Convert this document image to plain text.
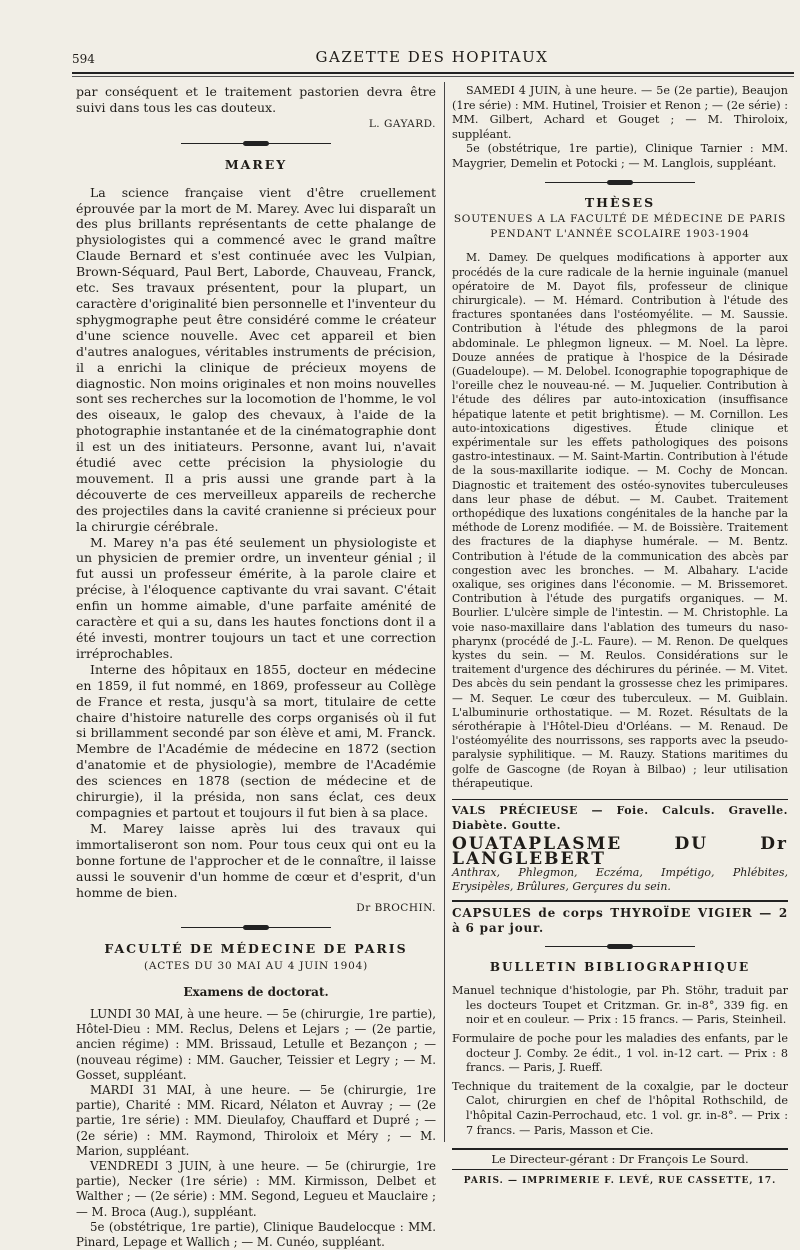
594	GAZETTE DES HOPITAUX

par conséquent et le traitement pastorien devra être suivi dans tous les cas douteux.

L. GAYARD.
MAREY

La science française vient d'être cruellement éprouvée par la mort de M. Marey. Avec lui disparaît un des plus brillants représentants de cette phalange de physiologistes qui a commencé avec le grand maître Claude Bernard et s'est continuée avec les Vulpian, Brown-Séquard, Paul Bert, Laborde, Chauveau, Franck, etc. Ses travaux présentent, pour la plupart, un caractère d'originalité bien personnelle et l'inventeur du sphygmographe peut être considéré comme le créateur d'une science nouvelle. Avec cet appareil et bien d'autres analogues, véritables instruments de précision, il a enrichi la clinique de précieux moyens de diagnostic. Non moins originales et non moins nouvelles sont ses recherches sur la locomotion de l'homme, le vol des oiseaux, le galop des chevaux, à l'aide de la photographie instantanée et de la cinématographie dont il est un des initiateurs. Personne, avant lui, n'avait étudié avec cette précision la physiologie du mouvement. Il a pris aussi une grande part à la découverte de ces merveilleux appareils de recherche des projectiles dans la cavité cranienne si précieux pour la chirurgie cérébrale.

M. Marey n'a pas été seulement un physiologiste et un physicien de premier ordre, un inventeur génial ; il fut aussi un professeur émérite, à la parole claire et précise, à l'éloquence captivante du vrai savant. C'était enfin un homme aimable, d'une parfaite aménité de caractère et qui a su, dans les hautes fonctions dont il a été investi, montrer toujours un tact et une correction irréprochables.

Interne des hôpitaux en 1855, docteur en médecine en 1859, il fut nommé, en 1869, professeur au Collège de France et resta, jusqu'à sa mort, titulaire de cette chaire d'histoire naturelle des corps organisés où il fut si brillamment secondé par son élève et ami, M. Franck. Membre de l'Académie de médecine en 1872 (section d'anatomie et de physiologie), membre de l'Académie des sciences en 1878 (section de médecine et de chirurgie), il la présida, non sans éclat, ces deux compagnies et partout et toujours il fut bien à sa place.

M. Marey laisse après lui des travaux qui immortaliseront son nom. Pour tous ceux qui ont eu la bonne fortune de l'approcher et de le connaître, il laisse aussi le souvenir d'un homme de cœur et d'esprit, d'un homme de bien.

Dr BROCHIN.
FACULTÉ DE MÉDECINE DE PARIS
(ACTES DU 30 MAI AU 4 JUIN 1904)
Examens de doctorat.

LUNDI 30 MAI, à une heure. — 5e (chirurgie, 1re partie), Hôtel-Dieu : MM. Reclus, Delens et Lejars ; — (2e partie, ancien régime) : MM. Brissaud, Letulle et Bezançon ; — (nouveau régime) : MM. Gaucher, Teissier et Legry ; — M. Gosset, suppléant.

MARDI 31 MAI, à une heure. — 5e (chirurgie, 1re partie), Charité : MM. Ricard, Nélaton et Auvray ; — (2e partie, 1re série) : MM. Dieulafoy, Chauffard et Dupré ; — (2e série) : MM. Raymond, Thiroloix et Méry ; — M. Marion, suppléant.

VENDREDI 3 JUIN, à une heure. — 5e (chirurgie, 1re partie), Necker (1re série) : MM. Kirmisson, Delbet et Walther ; — (2e série) : MM. Segond, Legueu et Mauclaire ; — M. Broca (Aug.), suppléant.

5e (obstétrique, 1re partie), Clinique Baudelocque : MM. Pinard, Lepage et Wallich ; — M. Cunéo, suppléant.

SAMEDI 4 JUIN, à une heure. — 5e (2e partie), Beaujon (1re série) : MM. Hutinel, Troisier et Renon ; — (2e série) : MM. Gilbert, Achard et Gouget ; — M. Thiroloix, suppléant.

5e (obstétrique, 1re partie), Clinique Tarnier : MM. Maygrier, Demelin et Potocki ; — M. Langlois, suppléant.

THÈSES
SOUTENUES A LA FACULTÉ DE MÉDECINE DE PARIS PENDANT L'ANNÉE SCOLAIRE 1903-1904

M. Damey. De quelques modifications à apporter aux procédés de la cure radicale de la hernie inguinale (manuel opératoire de M. Dayot fils, professeur de clinique chirurgicale). — M. Hémard. Contribution à l'étude des fractures spontanées dans l'ostéomyélite. — M. Saussie. Contribution à l'étude des phlegmons de la paroi abdominale. Le phlegmon ligneux. — M. Noel. La lèpre. Douze années de pratique à l'hospice de la Désirade (Guadeloupe). — M. Delobel. Iconographie topographique de l'oreille chez le nouveau-né. — M. Juquelier. Contribution à l'étude des délires par auto-intoxication (insuffisance hépatique latente et petit brightisme). — M. Cornillon. Les auto-intoxications digestives. Étude clinique et expérimentale sur les effets pathologiques des poisons gastro-intestinaux. — M. Saint-Martin. Contribution à l'étude de la sous-maxillarite iodique. — M. Cochy de Moncan. Diagnostic et traitement des ostéo-synovites tuberculeuses dans leur phase de début. — M. Caubet. Traitement orthopédique des luxations congénitales de la hanche par la méthode de Lorenz modifiée. — M. de Boissière. Traitement des fractures de la diaphyse humérale. — M. Bentz. Contribution à l'étude de la communication des abcès par congestion avec les bronches. — M. Albahary. L'acide oxalique, ses origines dans l'économie. — M. Brissemoret. Contribution à l'étude des purgatifs organiques. — M. Bourlier. L'ulcère simple de l'intestin. — M. Christophle. La voie naso-maxillaire dans l'ablation des tumeurs du naso-pharynx (procédé de J.-L. Faure). — M. Renon. De quelques kystes du sein. — M. Reulos. Considérations sur le traitement d'urgence des déchirures du périnée. — M. Vitet. Des abcès du sein pendant la grossesse chez les primipares. — M. Sequer. Le cœur des tuberculeux. — M. Guiblain. L'albuminurie orthostatique. — M. Rozet. Résultats de la sérothérapie à l'Hôtel-Dieu d'Orléans. — M. Renaud. De l'ostéomyélite des nourrissons, ses rapports avec la pseudo-paralysie syphilitique. — M. Rauzy. Stations maritimes du golfe de Gascogne (de Royan à Bilbao) ; leur utilisation thérapeutique.

VALS PRÉCIEUSE — Foie. Calculs. Gravelle. Diabète. Goutte.
OUATAPLASME DU Dr LANGLEBERT
Anthrax, Phlegmon, Eczéma, Impétigo, Phlébites, Erysipèles, Brûlures, Gerçures du sein.
CAPSULES de corps THYROÏDE VIGIER — 2 à 6 par jour.
BULLETIN BIBLIOGRAPHIQUE

Manuel technique d'histologie, par Ph. Stöhr, traduit par les docteurs Toupet et Critzman. Gr. in-8°, 339 fig. en noir et en couleur. — Prix : 15 francs. — Paris, Steinheil.

Formulaire de poche pour les maladies des enfants, par le docteur J. Comby. 2e édit., 1 vol. in-12 cart. — Prix : 8 francs. — Paris, J. Rueff.

Technique du traitement de la coxalgie, par le docteur Calot, chirurgien en chef de l'hôpital Rothschild, de l'hôpital Cazin-Perrochaud, etc. 1 vol. gr. in-8°. — Prix : 7 francs. — Paris, Masson et Cie.

Le Directeur-gérant : Dr François Le Sourd.
PARIS. — IMPRIMERIE F. LEVÉ, RUE CASSETTE, 17.
